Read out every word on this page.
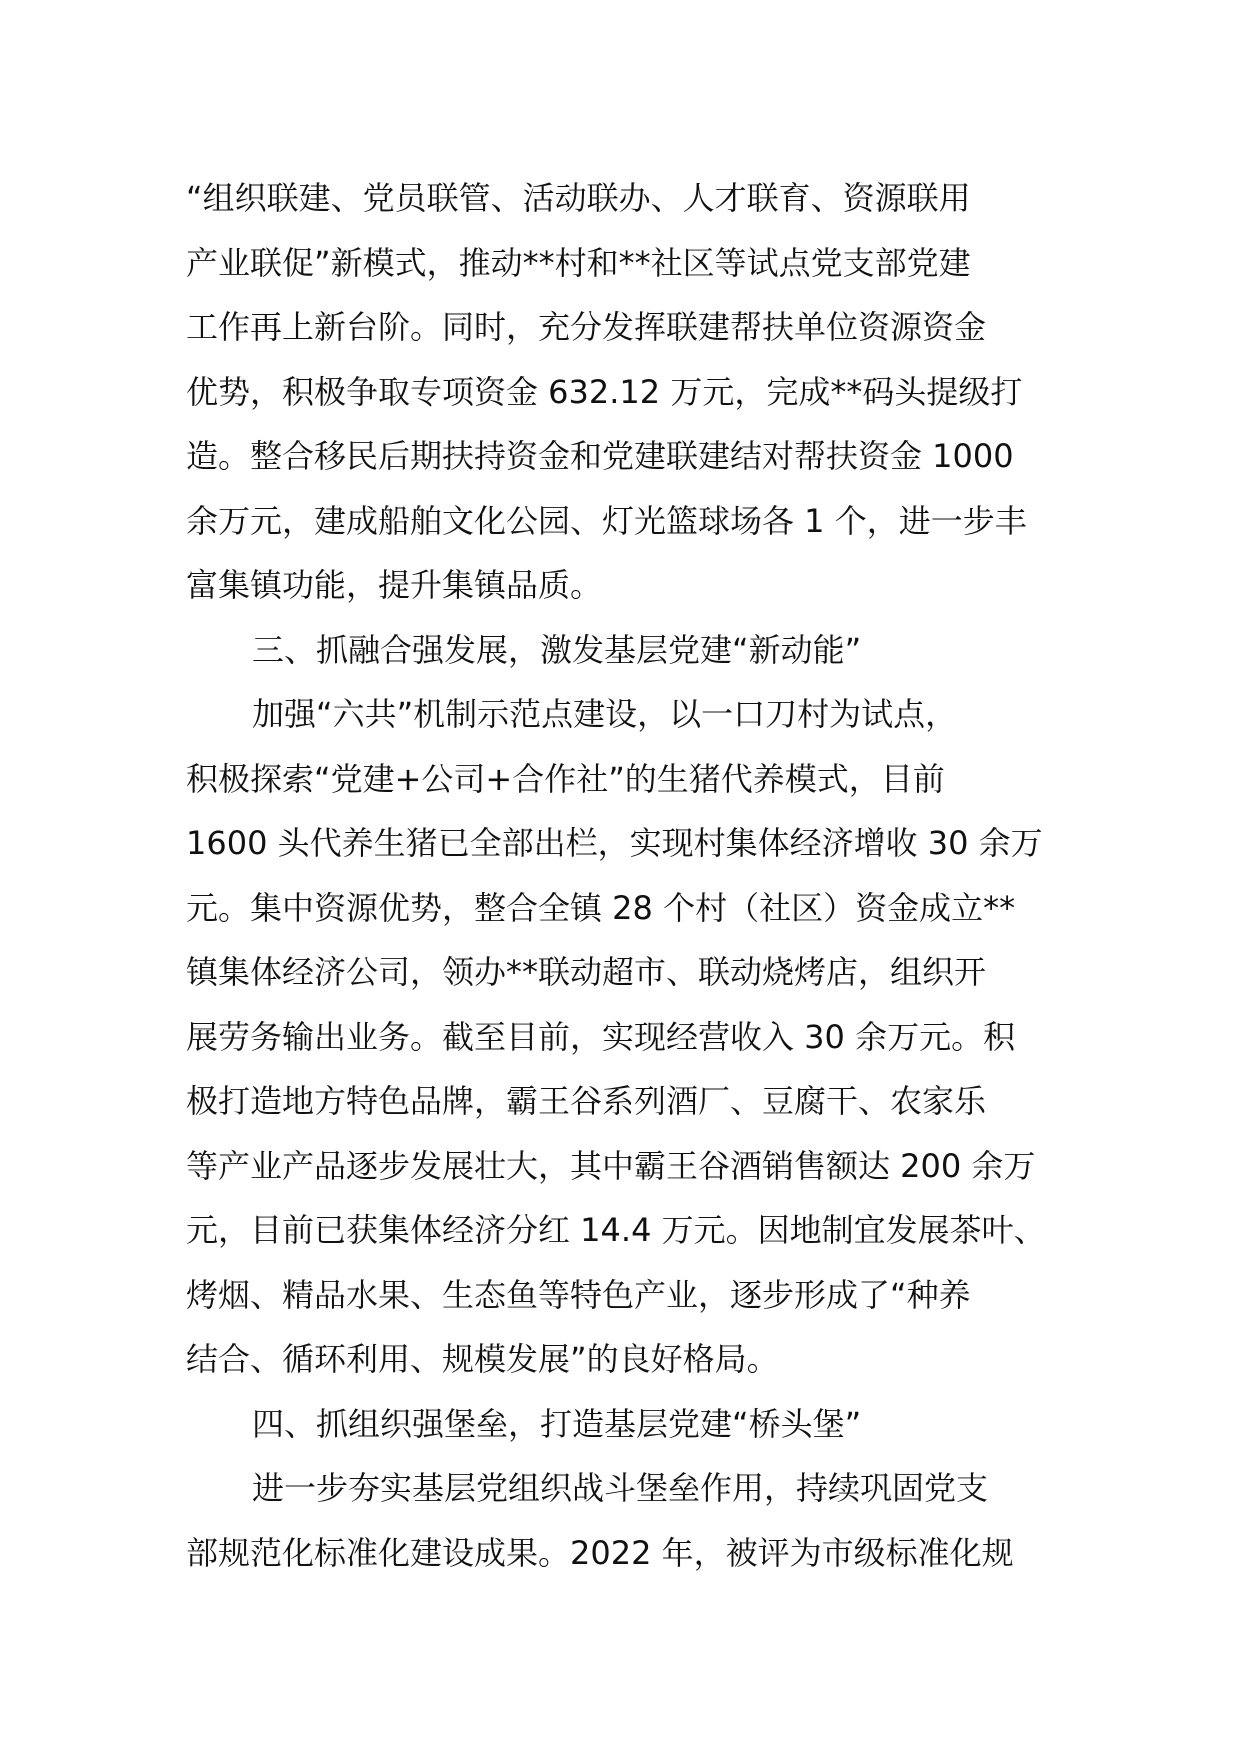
“组织联建、党员联管、活动联办、人才联育、资源联用
产业联促”新模式，推动**村和**社区等试点党支部党建
工作再上新台阶。同时，充分发挥联建帮扶单位资源资金
优势，积极争取专项资金 632.12 万元，完成**码头提级打
造。整合移民后期扶持资金和党建联建结对帮扶资金 1000
余万元，建成船舶文化公园、灯光篮球场各 1 个，进一步丰
富集镇功能，提升集镇品质。
三、抓融合强发展，激发基层党建“新动能”
加强“六共”机制示范点建设，以一口刀村为试点，
积极探索“党建+公司+合作社”的生猪代养模式，目前
1600 头代养生猪已全部出栏，实现村集体经济增收 30 余万
元。集中资源优势，整合全镇 28 个村（社区）资金成立**
镇集体经济公司，领办**联动超市、联动烧烤店，组织开
展劳务输出业务。截至目前，实现经营收入 30 余万元。积
极打造地方特色品牌，霸王谷系列酒厂、豆腐干、农家乐
等产业产品逐步发展壮大，其中霸王谷酒销售额达 200 余万
元，目前已获集体经济分红 14.4 万元。因地制宜发展茶叶、
烤烟、精品水果、生态鱼等特色产业，逐步形成了“种养
结合、循环利用、规模发展”的良好格局。
四、抓组织强堡垒，打造基层党建“桥头堡”
进一步夯实基层党组织战斗堡垒作用，持续巩固党支
部规范化标准化建设成果。2022 年，被评为市级标准化规
